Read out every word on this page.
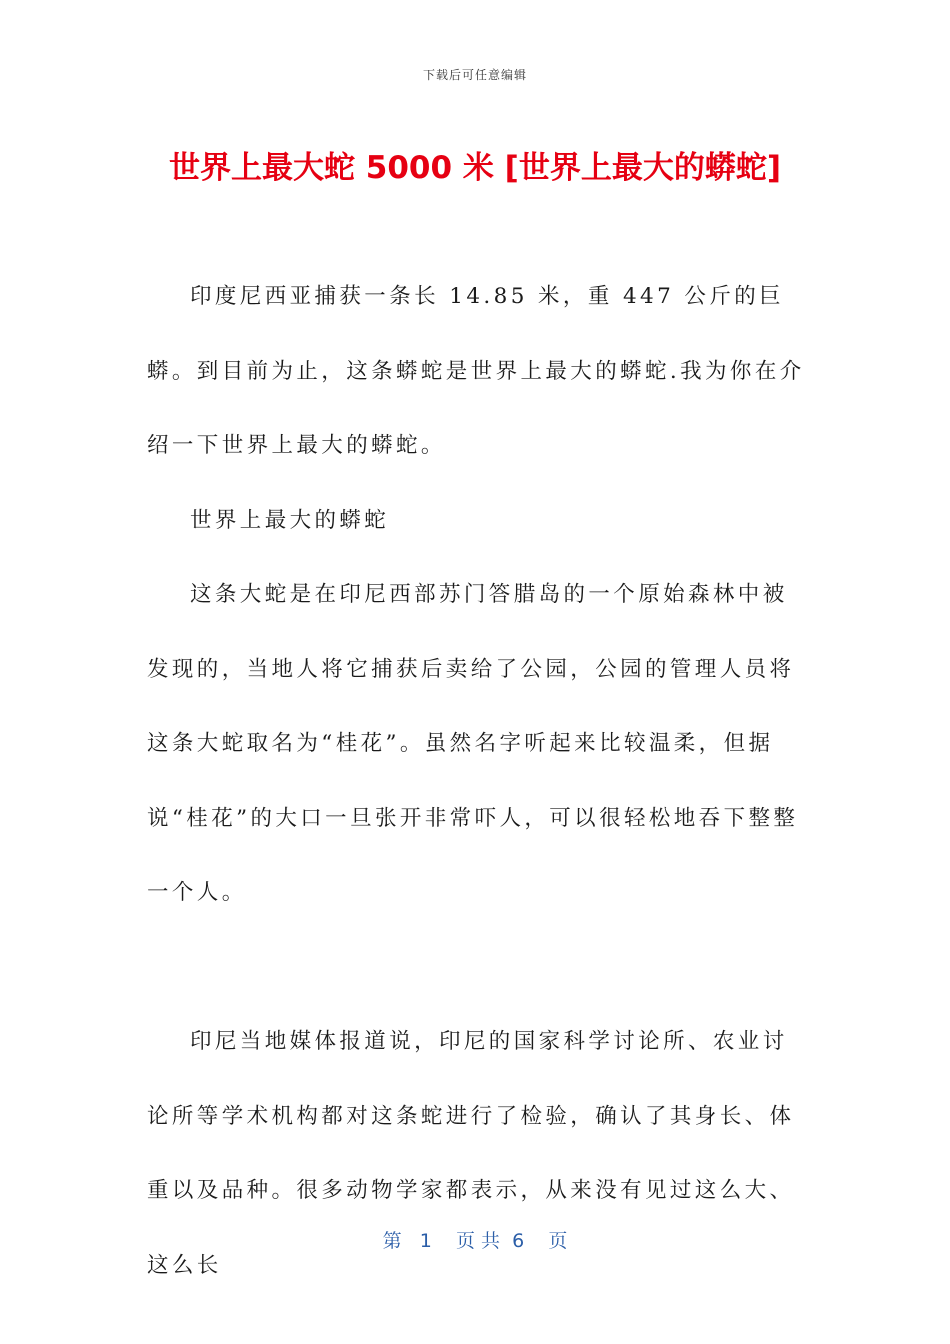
下载后可任意编辑
世界上最大蛇 5000 米 [世界上最大的蟒蛇]

印度尼西亚捕获一条长 14.85 米，重 447 公斤的巨蟒。到目前为止，这条蟒蛇是世界上最大的蟒蛇.我为你在介绍一下世界上最大的蟒蛇。

世界上最大的蟒蛇

这条大蛇是在印尼西部苏门答腊岛的一个原始森林中被发现的，当地人将它捕获后卖给了公园，公园的管理人员将这条大蛇取名为“桂花”。虽然名字听起来比较温柔，但据说“桂花”的大口一旦张开非常吓人，可以很轻松地吞下整整一个人。

印尼当地媒体报道说，印尼的国家科学讨论所、农业讨论所等学术机构都对这条蛇进行了检验，确认了其身长、体重以及品种。很多动物学家都表示，从来没有见过这么大、这么长

第   1    页 共  6    页
